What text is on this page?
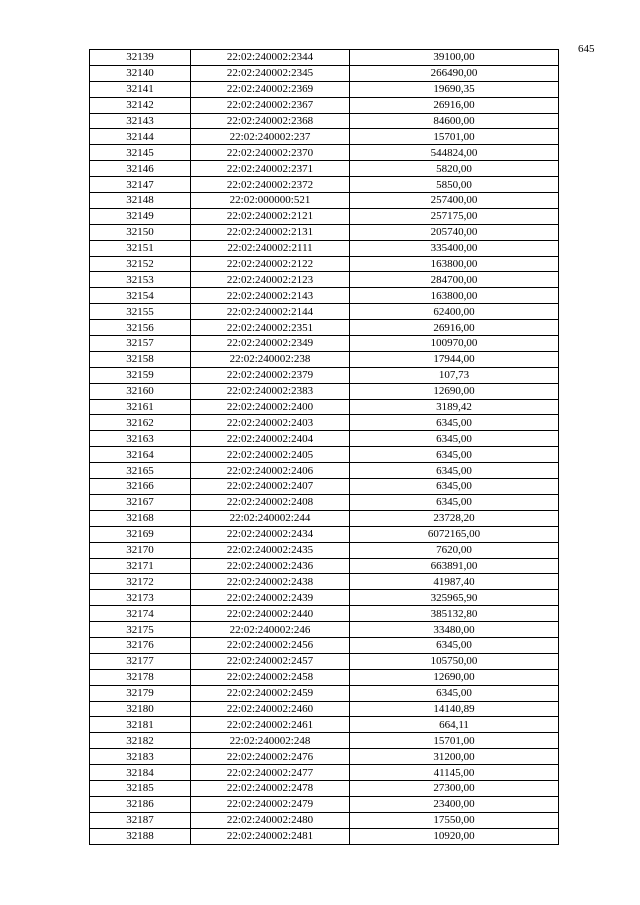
645
32139	22:02:240002:2344	39100,00
32140	22:02:240002:2345	266490,00
32141	22:02:240002:2369	19690,35
32142	22:02:240002:2367	26916,00
32143	22:02:240002:2368	84600,00
32144	22:02:240002:237	15701,00
32145	22:02:240002:2370	544824,00
32146	22:02:240002:2371	5820,00
32147	22:02:240002:2372	5850,00
32148	22:02:000000:521	257400,00
32149	22:02:240002:2121	257175,00
32150	22:02:240002:2131	205740,00
32151	22:02:240002:2111	335400,00
32152	22:02:240002:2122	163800,00
32153	22:02:240002:2123	284700,00
32154	22:02:240002:2143	163800,00
32155	22:02:240002:2144	62400,00
32156	22:02:240002:2351	26916,00
32157	22:02:240002:2349	100970,00
32158	22:02:240002:238	17944,00
32159	22:02:240002:2379	107,73
32160	22:02:240002:2383	12690,00
32161	22:02:240002:2400	3189,42
32162	22:02:240002:2403	6345,00
32163	22:02:240002:2404	6345,00
32164	22:02:240002:2405	6345,00
32165	22:02:240002:2406	6345,00
32166	22:02:240002:2407	6345,00
32167	22:02:240002:2408	6345,00
32168	22:02:240002:244	23728,20
32169	22:02:240002:2434	6072165,00
32170	22:02:240002:2435	7620,00
32171	22:02:240002:2436	663891,00
32172	22:02:240002:2438	41987,40
32173	22:02:240002:2439	325965,90
32174	22:02:240002:2440	385132,80
32175	22:02:240002:246	33480,00
32176	22:02:240002:2456	6345,00
32177	22:02:240002:2457	105750,00
32178	22:02:240002:2458	12690,00
32179	22:02:240002:2459	6345,00
32180	22:02:240002:2460	14140,89
32181	22:02:240002:2461	664,11
32182	22:02:240002:248	15701,00
32183	22:02:240002:2476	31200,00
32184	22:02:240002:2477	41145,00
32185	22:02:240002:2478	27300,00
32186	22:02:240002:2479	23400,00
32187	22:02:240002:2480	17550,00
32188	22:02:240002:2481	10920,00
